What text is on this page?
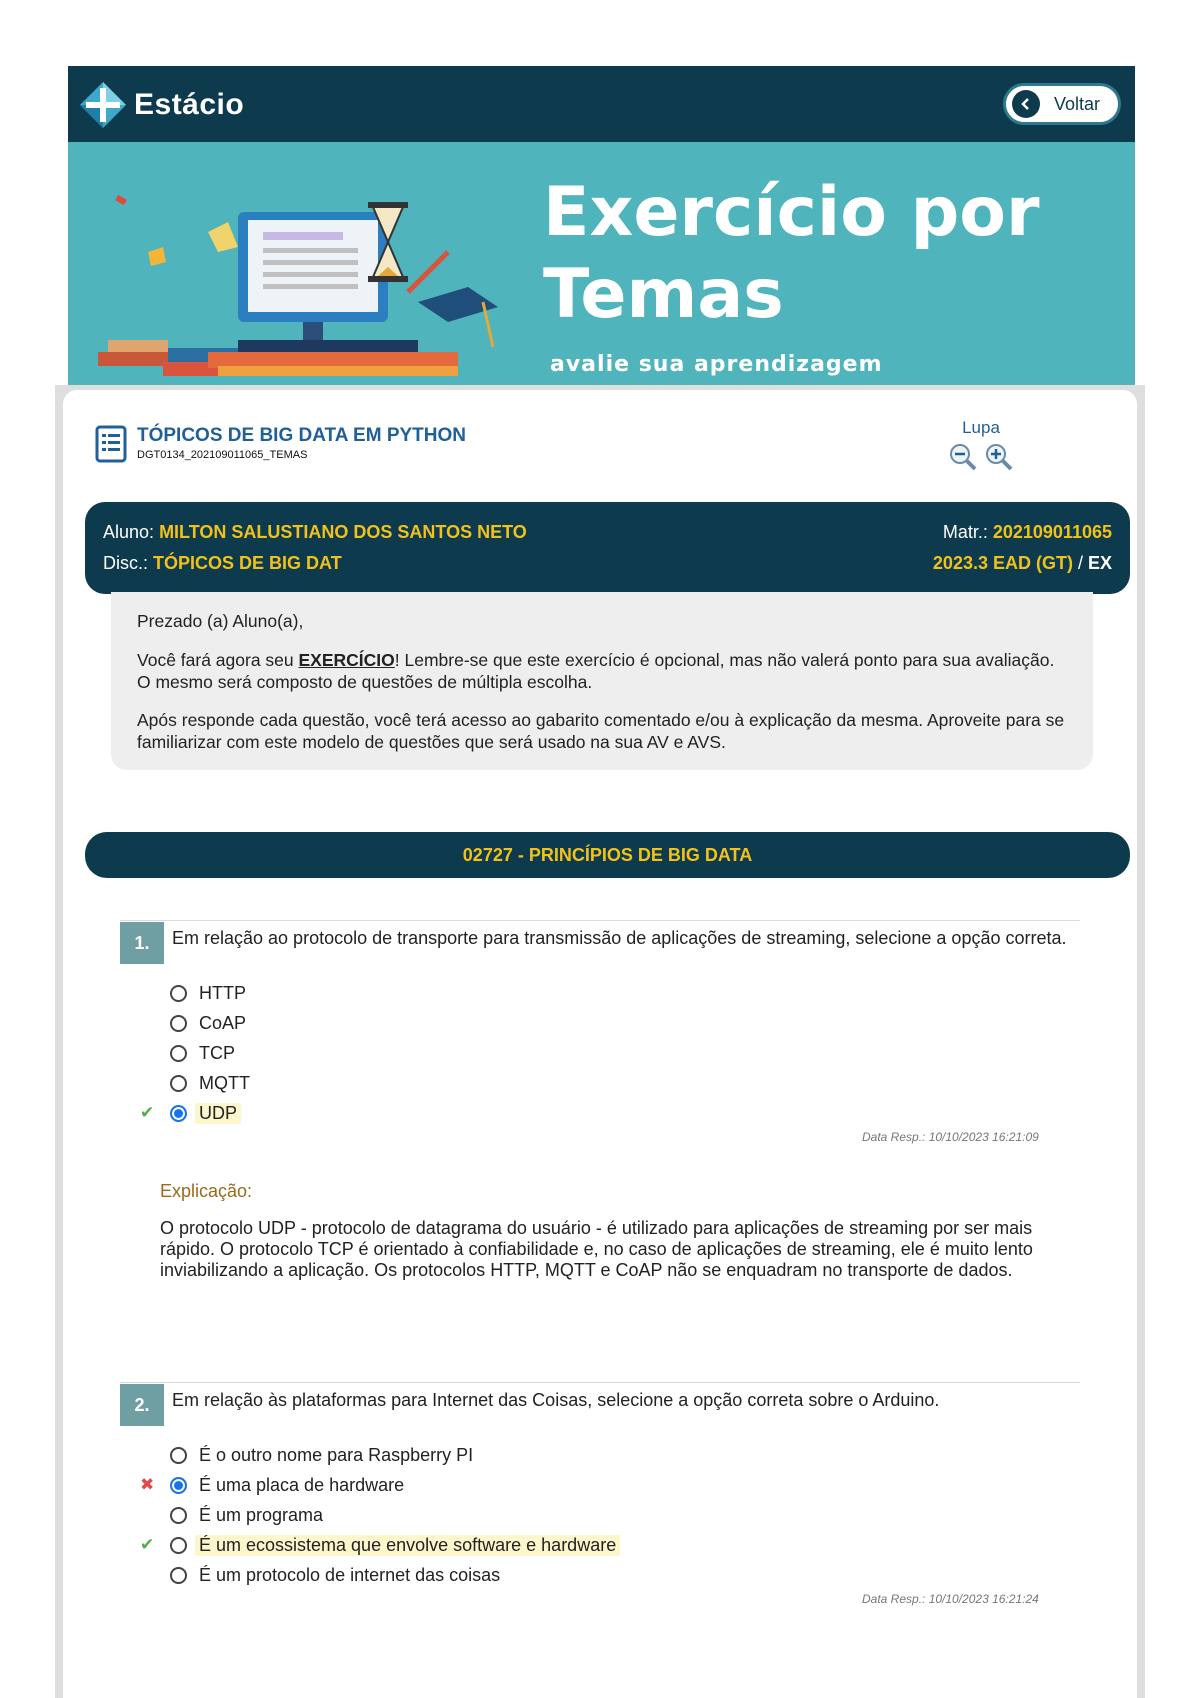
Estácio	Voltar
Exercício por
Temas
avalie sua aprendizagem
TÓPICOS DE BIG DATA EM PYTHON
DGT0134_202109011065_TEMAS
Lupa
Aluno: MILTON SALUSTIANO DOS SANTOS NETO	Matr.: 202109011065
Disc.: TÓPICOS DE BIG DAT	2023.3 EAD (GT) / EX

Prezado (a) Aluno(a),

Você fará agora seu EXERCÍCIO! Lembre-se que este exercício é opcional, mas não valerá ponto para sua avaliação. O mesmo será composto de questões de múltipla escolha.

Após responde cada questão, você terá acesso ao gabarito comentado e/ou à explicação da mesma. Aproveite para se familiarizar com este modelo de questões que será usado na sua AV e AVS.

02727 - PRINCÍPIOS DE BIG DATA
1.	Em relação ao protocolo de transporte para transmissão de aplicações de streaming, selecione a opção correta.
HTTP
CoAP
TCP
MQTT
✔ UDP
Data Resp.: 10/10/2023 16:21:09
Explicação:
O protocolo UDP - protocolo de datagrama do usuário - é utilizado para aplicações de streaming por ser mais rápido. O protocolo TCP é orientado à confiabilidade e, no caso de aplicações de streaming, ele é muito lento inviabilizando a aplicação. Os protocolos HTTP, MQTT e CoAP não se enquadram no transporte de dados.
2.	Em relação às plataformas para Internet das Coisas, selecione a opção correta sobre o Arduino.
É o outro nome para Raspberry PI
✖ É uma placa de hardware
É um programa
✔ É um ecossistema que envolve software e hardware
É um protocolo de internet das coisas
Data Resp.: 10/10/2023 16:21:24
